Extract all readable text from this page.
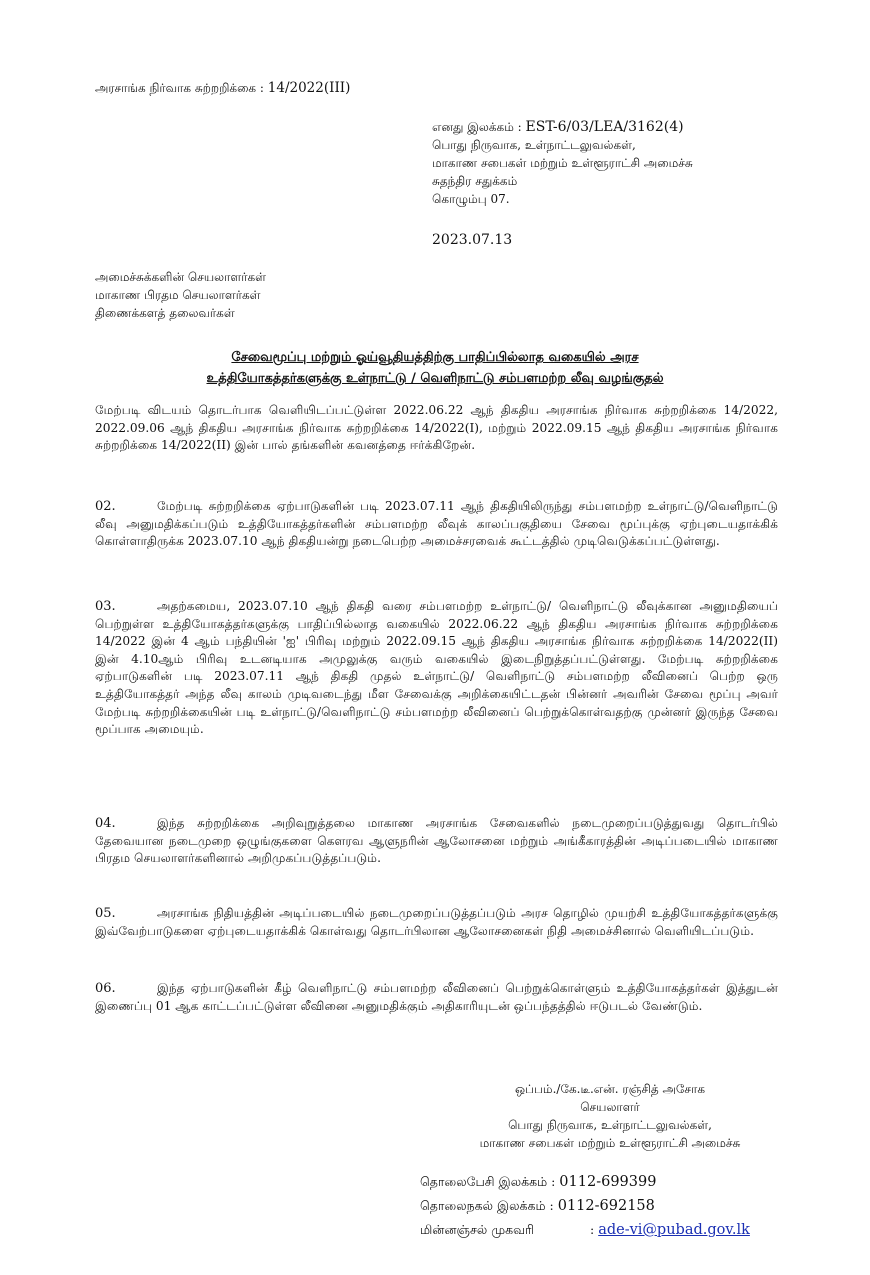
அரசாங்க நிர்வாக சுற்றறிக்கை : 14/2022(III)
எனது இலக்கம் : EST-6/03/LEA/3162(4)
பொது நிருவாக, உள்நாட்டலுவல்கள்,
மாகாண சபைகள் மற்றும் உள்ளூராட்சி அமைச்சு
சுதந்திர சதுக்கம்
கொழும்பு 07.
2023.07.13
அமைச்சுக்களின் செயலாளர்கள்
மாகாண பிரதம செயலாளர்கள்
திணைக்களத் தலைவர்கள்
சேவைமூப்பு மற்றும் ஓய்வூதியத்திற்கு பாதிப்பில்லாத வகையில் அரச
உத்தியோகத்தர்களுக்கு உள்நாட்டு / வெளிநாட்டு சம்பளமற்ற லீவு வழங்குதல்
மேற்படி விடயம் தொடர்பாக வெளியிடப்பட்டுள்ள 2022.06.22 ஆந் திகதிய அரசாங்க நிர்வாக சுற்றறிக்கை 14/2022, 2022.09.06 ஆந் திகதிய அரசாங்க நிர்வாக சுற்றறிக்கை 14/2022(I), மற்றும் 2022.09.15 ஆந் திகதிய அரசாங்க நிர்வாக சுற்றறிக்கை 14/2022(II) இன் பால் தங்களின் கவனத்தை ஈர்க்கிறேன்.
02.	மேற்படி சுற்றறிக்கை ஏற்பாடுகளின் படி 2023.07.11 ஆந் திகதியிலிருந்து சம்பளமற்ற உள்நாட்டு/வெளிநாட்டு லீவு அனுமதிக்கப்படும் உத்தியோகத்தர்களின் சம்பளமற்ற லீவுக் காலப்பகுதியை சேவை மூப்புக்கு ஏற்புடையதாக்கிக் கொள்ளாதிருக்க 2023.07.10 ஆந் திகதியன்று நடைபெற்ற அமைச்சரவைக் கூட்டத்தில் முடிவெடுக்கப்பட்டுள்ளது.
03.	அதற்கமைய, 2023.07.10 ஆந் திகதி வரை சம்பளமற்ற உள்நாட்டு/ வெளிநாட்டு லீவுக்கான அனுமதியைப் பெற்றுள்ள உத்தியோகத்தர்களுக்கு பாதிப்பில்லாத வகையில் 2022.06.22 ஆந் திகதிய அரசாங்க நிர்வாக சுற்றறிக்கை 14/2022 இன் 4 ஆம் பந்தியின் 'ஐ' பிரிவு மற்றும் 2022.09.15 ஆந் திகதிய அரசாங்க நிர்வாக சுற்றறிக்கை 14/2022(II) இன் 4.10ஆம் பிரிவு உடனடியாக அமுலுக்கு வரும் வகையில் இடைநிறுத்தப்பட்டுள்ளது. மேற்படி சுற்றறிக்கை ஏற்பாடுகளின் படி 2023.07.11 ஆந் திகதி முதல் உள்நாட்டு/ வெளிநாட்டு சம்பளமற்ற லீவினைப் பெற்ற ஒரு உத்தியோகத்தர் அந்த லீவு காலம் முடிவடைந்து மீள சேவைக்கு அறிக்கையிட்டதன் பின்னர் அவரின் சேவை மூப்பு அவர் மேற்படி சுற்றறிக்கையின் படி உள்நாட்டு/வெளிநாட்டு சம்பளமற்ற லீவினைப் பெற்றுக்கொள்வதற்கு முன்னர் இருந்த சேவை மூப்பாக அமையும்.
04.	இந்த சுற்றறிக்கை அறிவுறுத்தலை மாகாண அரசாங்க சேவைகளில் நடைமுறைப்படுத்துவது தொடர்பில் தேவையான நடைமுறை ஒழுங்குகளை கௌரவ ஆளுநரின் ஆலோசனை மற்றும் அங்கீகாரத்தின் அடிப்படையில் மாகாண பிரதம செயலாளர்களினால் அறிமுகப்படுத்தப்படும்.
05.	அரசாங்க நிதியத்தின் அடிப்படையில் நடைமுறைப்படுத்தப்படும் அரச தொழில் முயற்சி உத்தியோகத்தர்களுக்கு இவ்வேற்பாடுகளை ஏற்புடையதாக்கிக் கொள்வது தொடர்பிலான ஆலோசனைகள் நிதி அமைச்சினால் வெளியிடப்படும்.
06.	இந்த ஏற்பாடுகளின் கீழ் வெளிநாட்டு சம்பளமற்ற லீவினைப் பெற்றுக்கொள்ளும் உத்தியோகத்தர்கள் இத்துடன் இணைப்பு 01 ஆக காட்டப்பட்டுள்ள லீவினை அனுமதிக்கும் அதிகாரியுடன் ஒப்பந்தத்தில் ஈடுபடல் வேண்டும்.
ஒப்பம்./கே.டீ.என். ரஞ்சித் அசோக
செயலாளர்
பொது நிருவாக, உள்நாட்டலுவல்கள்,
மாகாண சபைகள் மற்றும் உள்ளூராட்சி அமைச்சு
தொலைபேசி இலக்கம் : 0112-699399
தொலைநகல் இலக்கம் : 0112-692158
மின்னஞ்சல் முகவரி	: ade-vi@pubad.gov.lk
